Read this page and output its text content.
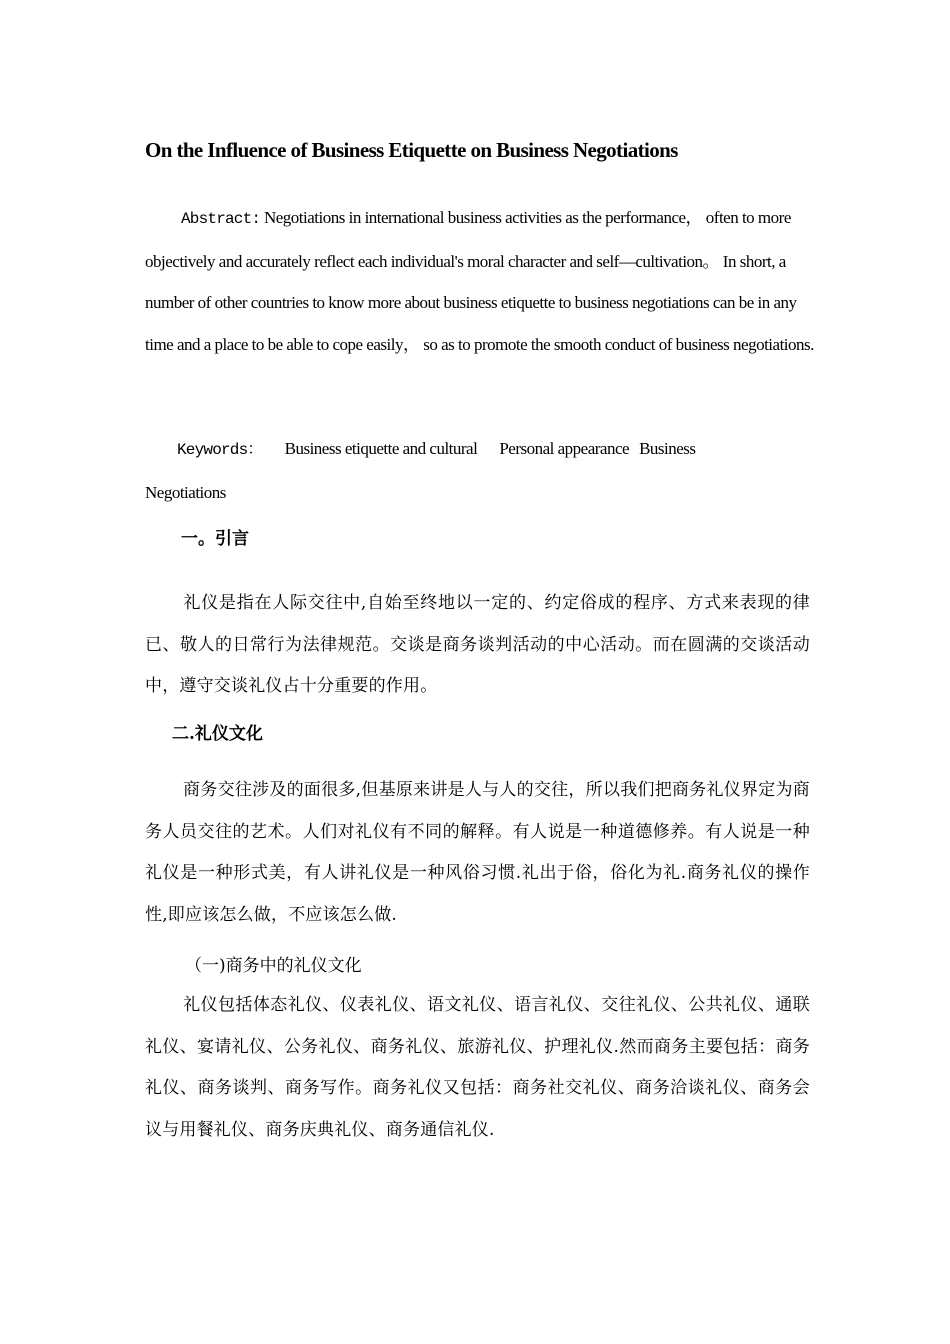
On the Influence of Business Etiquette on Business Negotiations
Abstract: Negotiations in international business activities as the performance， often to more objectively and accurately reflect each individual's moral character and self—cultivation。 In short, a number of other countries to know more about business etiquette to business negotiations can be in any time and a place to be able to cope easily， so as to promote the smooth conduct of business negotiations.
Keywords： Business etiquette and cultural Personal appearance Business
Negotiations
一。引言
礼仪是指在人际交往中,自始至终地以一定的、约定俗成的程序、方式来表现的律已、敬人的日常行为法律规范。交谈是商务谈判活动的中心活动。而在圆满的交谈活动中，遵守交谈礼仪占十分重要的作用。
二.礼仪文化
商务交往涉及的面很多,但基原来讲是人与人的交往，所以我们把商务礼仪界定为商务人员交往的艺术。人们对礼仪有不同的解释。有人说是一种道德修养。有人说是一种礼仪是一种形式美，有人讲礼仪是一种风俗习惯.礼出于俗，俗化为礼.商务礼仪的操作性,即应该怎么做，不应该怎么做.
（一)商务中的礼仪文化
礼仪包括体态礼仪、仪表礼仪、语文礼仪、语言礼仪、交往礼仪、公共礼仪、通联礼仪、宴请礼仪、公务礼仪、商务礼仪、旅游礼仪、护理礼仪.然而商务主要包括：商务礼仪、商务谈判、商务写作。商务礼仪又包括：商务社交礼仪、商务洽谈礼仪、商务会议与用餐礼仪、商务庆典礼仪、商务通信礼仪.
